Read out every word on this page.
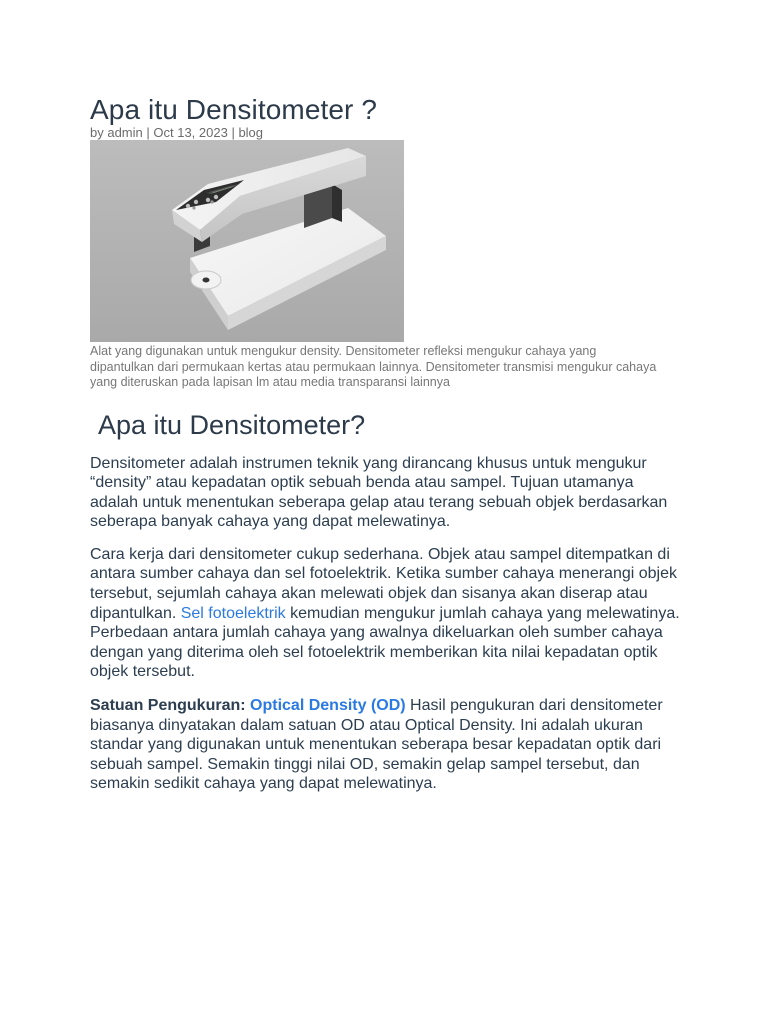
Apa itu Densitometer ?
by admin | Oct 13, 2023 | blog
Alat yang digunakan untuk mengukur density. Densitometer refleksi mengukur cahaya yang dipantulkan dari permukaan kertas atau permukaan lainnya. Densitometer transmisi mengukur cahaya yang diteruskan pada lapisan lm atau media transparansi lainnya
Apa itu Densitometer?

Densitometer adalah instrumen teknik yang dirancang khusus untuk mengukur “density” atau kepadatan optik sebuah benda atau sampel. Tujuan utamanya adalah untuk menentukan seberapa gelap atau terang sebuah objek berdasarkan seberapa banyak cahaya yang dapat melewatinya.

Cara kerja dari densitometer cukup sederhana. Objek atau sampel ditempatkan di antara sumber cahaya dan sel fotoelektrik. Ketika sumber cahaya menerangi objek tersebut, sejumlah cahaya akan melewati objek dan sisanya akan diserap atau dipantulkan. Sel fotoelektrik kemudian mengukur jumlah cahaya yang melewatinya. Perbedaan antara jumlah cahaya yang awalnya dikeluarkan oleh sumber cahaya dengan yang diterima oleh sel fotoelektrik memberikan kita nilai kepadatan optik objek tersebut.

Satuan Pengukuran: Optical Density (OD) Hasil pengukuran dari densitometer biasanya dinyatakan dalam satuan OD atau Optical Density. Ini adalah ukuran standar yang digunakan untuk menentukan seberapa besar kepadatan optik dari sebuah sampel. Semakin tinggi nilai OD, semakin gelap sampel tersebut, dan semakin sedikit cahaya yang dapat melewatinya.
